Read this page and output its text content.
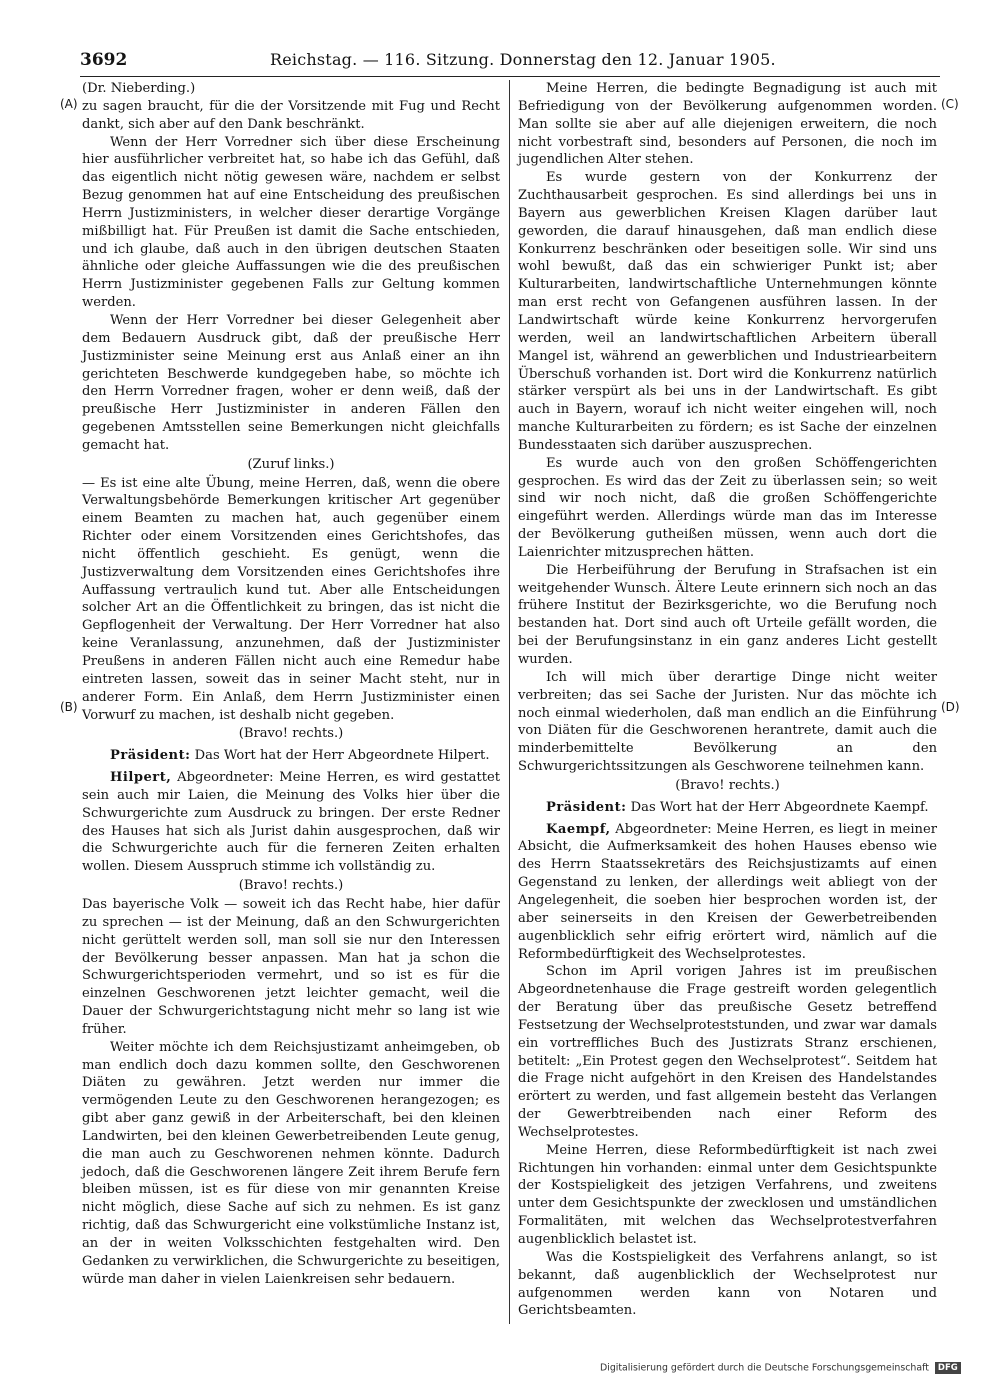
3692	Reichstag. — 116. Sitzung. Donnerstag den 12. Januar 1905.
(A)
(B)
(C)
(D)

(Dr. Nieberding.)

zu sagen braucht, für die der Vorsitzende mit Fug und Recht dankt, sich aber auf den Dank beschränkt.

Wenn der Herr Vorredner sich über diese Erscheinung hier ausführlicher verbreitet hat, so habe ich das Gefühl, daß das eigentlich nicht nötig gewesen wäre, nachdem er selbst Bezug genommen hat auf eine Entscheidung des preußischen Herrn Justizministers, in welcher dieser derartige Vorgänge mißbilligt hat. Für Preußen ist damit die Sache entschieden, und ich glaube, daß auch in den übrigen deutschen Staaten ähnliche oder gleiche Auffassungen wie die des preußischen Herrn Justizminister gegebenen Falls zur Geltung kommen werden.

Wenn der Herr Vorredner bei dieser Gelegenheit aber dem Bedauern Ausdruck gibt, daß der preußische Herr Justizminister seine Meinung erst aus Anlaß einer an ihn gerichteten Beschwerde kundgegeben habe, so möchte ich den Herrn Vorredner fragen, woher er denn weiß, daß der preußische Herr Justizminister in anderen Fällen den gegebenen Amtsstellen seine Bemerkungen nicht gleichfalls gemacht hat.

(Zuruf links.)

— Es ist eine alte Übung, meine Herren, daß, wenn die obere Verwaltungsbehörde Bemerkungen kritischer Art gegenüber einem Beamten zu machen hat, auch gegenüber einem Richter oder einem Vorsitzenden eines Gerichtshofes, das nicht öffentlich geschieht. Es genügt, wenn die Justizverwaltung dem Vorsitzenden eines Gerichtshofes ihre Auffassung vertraulich kund tut. Aber alle Entscheidungen solcher Art an die Öffentlichkeit zu bringen, das ist nicht die Gepflogenheit der Verwaltung. Der Herr Vorredner hat also keine Veranlassung, anzunehmen, daß der Justizminister Preußens in anderen Fällen nicht auch eine Remedur habe eintreten lassen, soweit das in seiner Macht steht, nur in anderer Form. Ein Anlaß, dem Herrn Justizminister einen Vorwurf zu machen, ist deshalb nicht gegeben.

(Bravo! rechts.)

Präsident: Das Wort hat der Herr Abgeordnete Hilpert.

Hilpert, Abgeordneter: Meine Herren, es wird gestattet sein auch mir Laien, die Meinung des Volks hier über die Schwurgerichte zum Ausdruck zu bringen. Der erste Redner des Hauses hat sich als Jurist dahin ausgesprochen, daß wir die Schwurgerichte auch für die ferneren Zeiten erhalten wollen. Diesem Ausspruch stimme ich vollständig zu.

(Bravo! rechts.)

Das bayerische Volk — soweit ich das Recht habe, hier dafür zu sprechen — ist der Meinung, daß an den Schwurgerichten nicht gerüttelt werden soll, man soll sie nur den Interessen der Bevölkerung besser anpassen. Man hat ja schon die Schwurgerichtsperioden vermehrt, und so ist es für die einzelnen Geschworenen jetzt leichter gemacht, weil die Dauer der Schwurgerichtstagung nicht mehr so lang ist wie früher.

Weiter möchte ich dem Reichsjustizamt anheimgeben, ob man endlich doch dazu kommen sollte, den Geschworenen Diäten zu gewähren. Jetzt werden nur immer die vermögenden Leute zu den Geschworenen herangezogen; es gibt aber ganz gewiß in der Arbeiterschaft, bei den kleinen Landwirten, bei den kleinen Gewerbetreibenden Leute genug, die man auch zu Geschworenen nehmen könnte. Dadurch jedoch, daß die Geschworenen längere Zeit ihrem Berufe fern bleiben müssen, ist es für diese von mir genannten Kreise nicht möglich, diese Sache auf sich zu nehmen. Es ist ganz richtig, daß das Schwurgericht eine volkstümliche Instanz ist, an der in weiten Volksschichten festgehalten wird. Den Gedanken zu verwirklichen, die Schwurgerichte zu beseitigen, würde man daher in vielen Laienkreisen sehr bedauern.

Meine Herren, die bedingte Begnadigung ist auch mit Befriedigung von der Bevölkerung aufgenommen worden. Man sollte sie aber auf alle diejenigen erweitern, die noch nicht vorbestraft sind, besonders auf Personen, die noch im jugendlichen Alter stehen.

Es wurde gestern von der Konkurrenz der Zuchthausarbeit gesprochen. Es sind allerdings bei uns in Bayern aus gewerblichen Kreisen Klagen darüber laut geworden, die darauf hinausgehen, daß man endlich diese Konkurrenz beschränken oder beseitigen solle. Wir sind uns wohl bewußt, daß das ein schwieriger Punkt ist; aber Kulturarbeiten, landwirtschaftliche Unternehmungen könnte man erst recht von Gefangenen ausführen lassen. In der Landwirtschaft würde keine Konkurrenz hervorgerufen werden, weil an landwirtschaftlichen Arbeitern überall Mangel ist, während an gewerblichen und Industriearbeitern Überschuß vorhanden ist. Dort wird die Konkurrenz natürlich stärker verspürt als bei uns in der Landwirtschaft. Es gibt auch in Bayern, worauf ich nicht weiter eingehen will, noch manche Kulturarbeiten zu fördern; es ist Sache der einzelnen Bundesstaaten sich darüber auszusprechen.

Es wurde auch von den großen Schöffengerichten gesprochen. Es wird das der Zeit zu überlassen sein; so weit sind wir noch nicht, daß die großen Schöffengerichte eingeführt werden. Allerdings würde man das im Interesse der Bevölkerung gutheißen müssen, wenn auch dort die Laienrichter mitzusprechen hätten.

Die Herbeiführung der Berufung in Strafsachen ist ein weitgehender Wunsch. Ältere Leute erinnern sich noch an das frühere Institut der Bezirksgerichte, wo die Berufung noch bestanden hat. Dort sind auch oft Urteile gefällt worden, die bei der Berufungsinstanz in ein ganz anderes Licht gestellt wurden.

Ich will mich über derartige Dinge nicht weiter verbreiten; das sei Sache der Juristen. Nur das möchte ich noch einmal wiederholen, daß man endlich an die Einführung von Diäten für die Geschworenen herantrete, damit auch die minderbemittelte Bevölkerung an den Schwurgerichtssitzungen als Geschworene teilnehmen kann.

(Bravo! rechts.)

Präsident: Das Wort hat der Herr Abgeordnete Kaempf.

Kaempf, Abgeordneter: Meine Herren, es liegt in meiner Absicht, die Aufmerksamkeit des hohen Hauses ebenso wie des Herrn Staatssekretärs des Reichsjustizamts auf einen Gegenstand zu lenken, der allerdings weit abliegt von der Angelegenheit, die soeben hier besprochen worden ist, der aber seinerseits in den Kreisen der Gewerbetreibenden augenblicklich sehr eifrig erörtert wird, nämlich auf die Reformbedürftigkeit des Wechselprotestes.

Schon im April vorigen Jahres ist im preußischen Abgeordnetenhause die Frage gestreift worden gelegentlich der Beratung über das preußische Gesetz betreffend Festsetzung der Wechselproteststunden, und zwar war damals ein vortreffliches Buch des Justizrats Stranz erschienen, betitelt: „Ein Protest gegen den Wechselprotest“. Seitdem hat die Frage nicht aufgehört in den Kreisen des Handelstandes erörtert zu werden, und fast allgemein besteht das Verlangen der Gewerbtreibenden nach einer Reform des Wechselprotestes.

Meine Herren, diese Reformbedürftigkeit ist nach zwei Richtungen hin vorhanden: einmal unter dem Gesichtspunkte der Kostspieligkeit des jetzigen Verfahrens, und zweitens unter dem Gesichtspunkte der zwecklosen und umständlichen Formalitäten, mit welchen das Wechselprotestverfahren augenblicklich belastet ist.

Was die Kostspieligkeit des Verfahrens anlangt, so ist bekannt, daß augenblicklich der Wechselprotest nur aufgenommen werden kann von Notaren und Gerichtsbeamten.

Digitalisierung gefördert durch die Deutsche Forschungsgemeinschaft DFG
